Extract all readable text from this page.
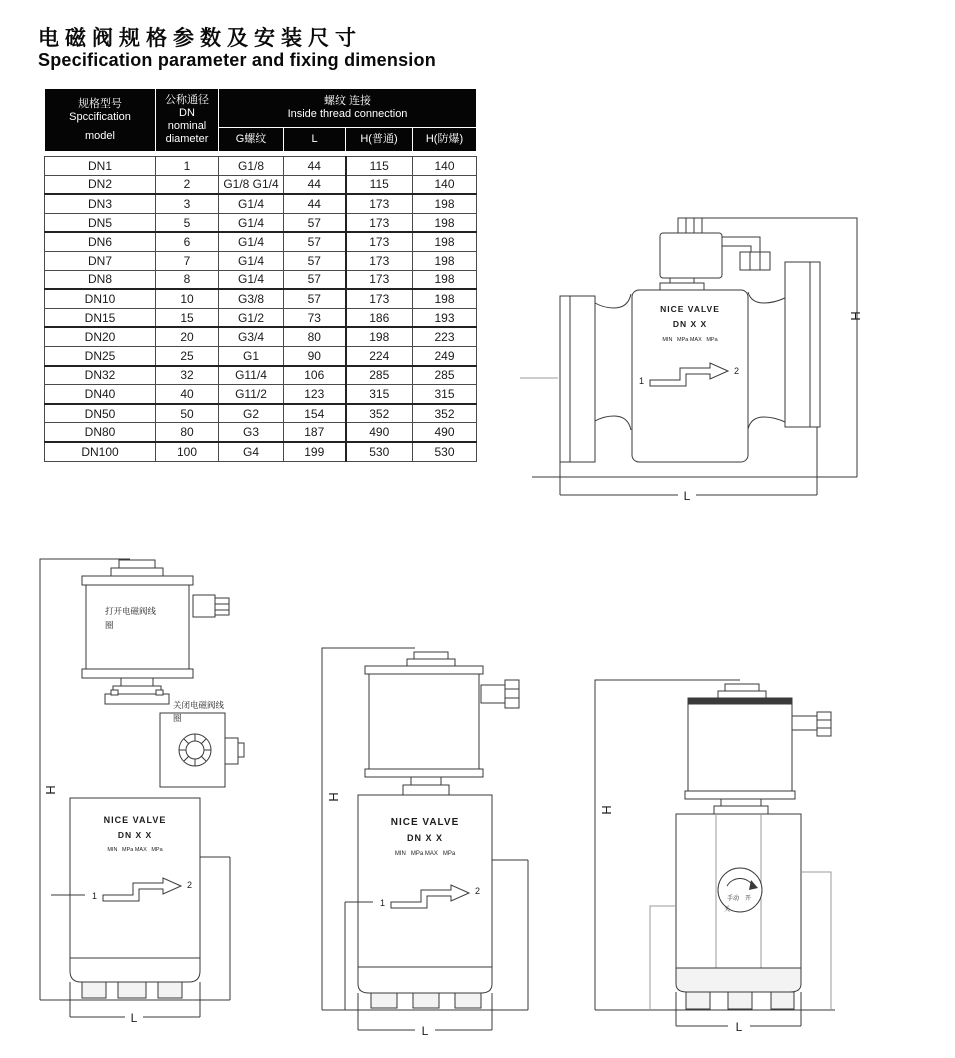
电磁阀规格参数及安装尺寸
Specification parameter and fixing dimension
规格型号
Spccification
model

公称通径
DN
nominal
diameter

螺纹 连接
Inside thread connection

		G螺纹	L	H(普通)	H(防爆)
DN1	1	G1/8	44	115	140
DN2	2	G1/8 G1/4	44	115	140
DN3	3	G1/4	44	173	198
DN5	5	G1/4	57	173	198
DN6	6	G1/4	57	173	198
DN7	7	G1/4	57	173	198
DN8	8	G1/4	57	173	198
DN10	10	G3/8	57	173	198
DN15	15	G1/2	73	186	193
DN20	20	G3/4	80	198	223
DN25	25	G1	90	224	249
DN32	32	G11/4	106	285	285
DN40	40	G11/2	123	315	315
DN50	50	G2	154	352	352
DN80	80	G3	187	490	490
DN100	100	G4	199	530	530
H
L
NICE VALVE
DN X X
MIN   MPa MAX   MPa
1
2
H
打开电磁阀线
圈
关闭电磁阀线
圈
NICE VALVE
DN X X
MIN   MPa MAX   MPa
1
2
L
H
NICE VALVE
DN X X
MIN   MPa MAX   MPa
1
2
L
H
手动 开
关
L
